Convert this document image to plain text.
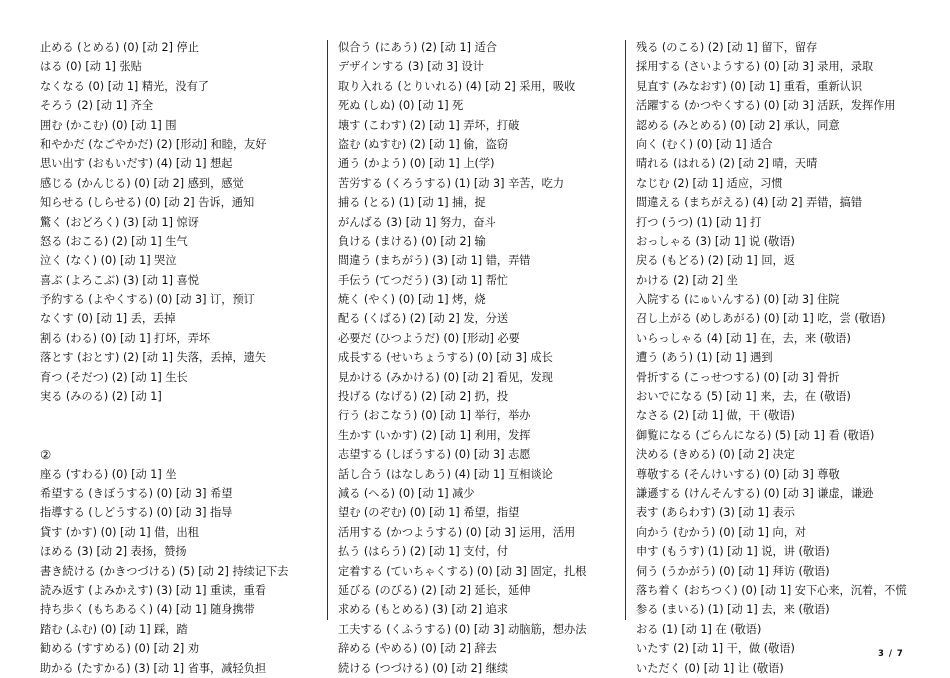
止める (とめる) (0) [动 2] 停止
はる (0) [动 1] 张贴
なくなる (0) [动 1] 精光，没有了
そろう (2) [动 1] 齐全
囲む (かこむ) (0) [动 1] 围
和やかだ (なごやかだ) (2) [形动] 和睦，友好
思い出す (おもいだす) (4) [动 1] 想起
感じる (かんじる) (0) [动 2] 感到，感觉
知らせる (しらせる) (0) [动 2] 告诉，通知
驚く (おどろく) (3) [动 1] 惊讶
怒る (おこる) (2) [动 1] 生气
泣く (なく) (0) [动 1] 哭泣
喜ぶ (よろこぶ) (3) [动 1] 喜悦
予約する (よやくする) (0) [动 3] 订，预订
なくす (0) [动 1] 丢，丢掉
割る (わる) (0) [动 1] 打坏，弄坏
落とす (おとす) (2) [动 1] 失落，丢掉，遗矢
育つ (そだつ) (2) [动 1] 生长
実る (みのる) (2) [动 1]
②
座る (すわる) (0) [动 1] 坐
希望する (きぼうする) (0) [动 3] 希望
指導する (しどうする) (0) [动 3] 指导
貸す (かす) (0) [动 1] 借，出租
ほめる (3) [动 2] 表扬，赞扬
書き続ける (かきつづける) (5) [动 2] 持续记下去
読み返す (よみかえす) (3) [动 1] 重读，重看
持ち歩く (もちあるく) (4) [动 1] 随身携带
踏む (ふむ) (0) [动 1] 踩，踏
勧める (すすめる) (0) [动 2] 劝
助かる (たすかる) (3) [动 1] 省事，减轻负担
似合う (にあう) (2) [动 1] 适合
デザインする (3) [动 3] 设计
取り入れる (とりいれる) (4) [动 2] 采用，吸收
死ぬ (しぬ) (0) [动 1] 死
壊す (こわす) (2) [动 1] 弄坏，打破
盗む (ぬすむ) (2) [动 1] 偷，盗窃
通う (かよう) (0) [动 1] 上(学)
苦労する (くろうする) (1) [动 3] 辛苦，吃力
捕る (とる) (1) [动 1] 捕，捉
がんばる (3) [动 1] 努力，奋斗
負ける (まける) (0) [动 2] 输
間違う (まちがう) (3) [动 1] 错，弄错
手伝う (てつだう) (3) [动 1] 帮忙
焼く (やく) (0) [动 1] 烤，烧
配る (くばる) (2) [动 2] 发，分送
必要だ (ひつようだ) (0) [形动] 必要
成長する (せいちょうする) (0) [动 3] 成长
見かける (みかける) (0) [动 2] 看见，发现
投げる (なげる) (2) [动 2] 扔，投
行う (おこなう) (0) [动 1] 举行，举办
生かす (いかす) (2) [动 1] 利用，发挥
志望する (しぼうする) (0) [动 3] 志愿
話し合う (はなしあう) (4) [动 1] 互相谈论
減る (へる) (0) [动 1] 减少
望む (のぞむ) (0) [动 1] 希望，指望
活用する (かつようする) (0) [动 3] 运用，活用
払う (はらう) (2) [动 1] 支付，付
定着する (ていちゃくする) (0) [动 3] 固定，扎根
延びる (のびる) (2) [动 2] 延长，延伸
求める (もとめる) (3) [动 2] 追求
工夫する (くふうする) (0) [动 3] 动脑筋，想办法
辞める (やめる) (0) [动 2] 辞去
続ける (つづける) (0) [动 2] 继续
残る (のこる) (2) [动 1] 留下，留存
採用する (さいようする) (0) [动 3] 录用，录取
見直す (みなおす) (0) [动 1] 重看，重新认识
活躍する (かつやくする) (0) [动 3] 活跃，发挥作用
認める (みとめる) (0) [动 2] 承认，同意
向く (むく) (0) [动 1] 适合
晴れる (はれる) (2) [动 2] 晴，天晴
なじむ (2) [动 1] 适应，习惯
間違える (まちがえる) (4) [动 2] 弄错，搞错
打つ (うつ) (1) [动 1] 打
おっしゃる (3) [动 1] 说 (敬语)
戻る (もどる) (2) [动 1] 回，返
かける (2) [动 2] 坐
入院する (にゅいんする) (0) [动 3] 住院
召し上がる (めしあがる) (0) [动 1] 吃，尝 (敬语)
いらっしゃる (4) [动 1] 在，去，来 (敬语)
遭う (あう) (1) [动 1] 遇到
骨折する (こっせつする) (0) [动 3] 骨折
おいでになる (5) [动 1] 来，去，在 (敬语)
なさる (2) [动 1] 做，干 (敬语)
御覧になる (ごらんになる) (5) [动 1] 看 (敬语)
決める (きめる) (0) [动 2] 决定
尊敬する (そんけいする) (0) [动 3] 尊敬
謙遜する (けんそんする) (0) [动 3] 谦虚，谦逊
表す (あらわす) (3) [动 1] 表示
向かう (むかう) (0) [动 1] 向，对
申す (もうす) (1) [动 1] 说，讲 (敬语)
伺う (うかがう) (0) [动 1] 拜访 (敬语)
落ち着く (おちつく) (0) [动 1] 安下心来，沉着，不慌
参る (まいる) (1) [动 1] 去，来 (敬语)
おる (1) [动 1] 在 (敬语)
いたす (2) [动 1] 干，做 (敬语)
いただく (0) [动 1] 让 (敬语)
3 / 7
